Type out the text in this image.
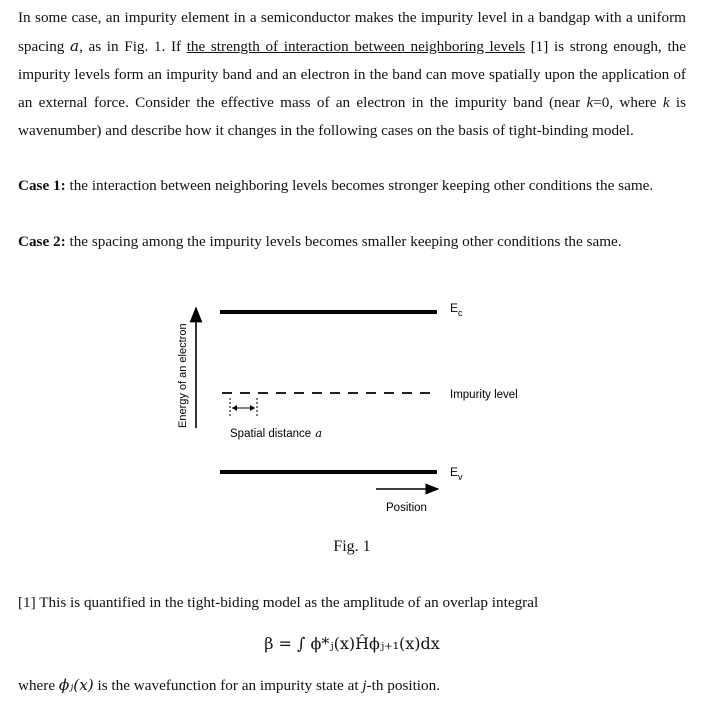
In some case, an impurity element in a semiconductor makes the impurity level in a bandgap with a uniform spacing a, as in Fig. 1. If the strength of interaction between neighboring levels [1] is strong enough, the impurity levels form an impurity band and an electron in the band can move spatially upon the application of an external force. Consider the effective mass of an electron in the impurity band (near k=0, where k is wavenumber) and describe how it changes in the following cases on the basis of tight-binding model.

Case 1: the interaction between neighboring levels becomes stronger keeping other conditions the same.
Case 2: the spacing among the impurity levels becomes smaller keeping other conditions the same.
Energy of an electron
$E_c$
Impurity level
Spatial distance a
$E_v$
Position
Fig. 1
[1] This is quantified in the tight-biding model as the amplitude of an overlap integral
β = ∫ ϕ*ⱼ(x)Ĥϕⱼ₊₁(x)dx
where ϕⱼ(x) is the wavefunction for an impurity state at j-th position.
